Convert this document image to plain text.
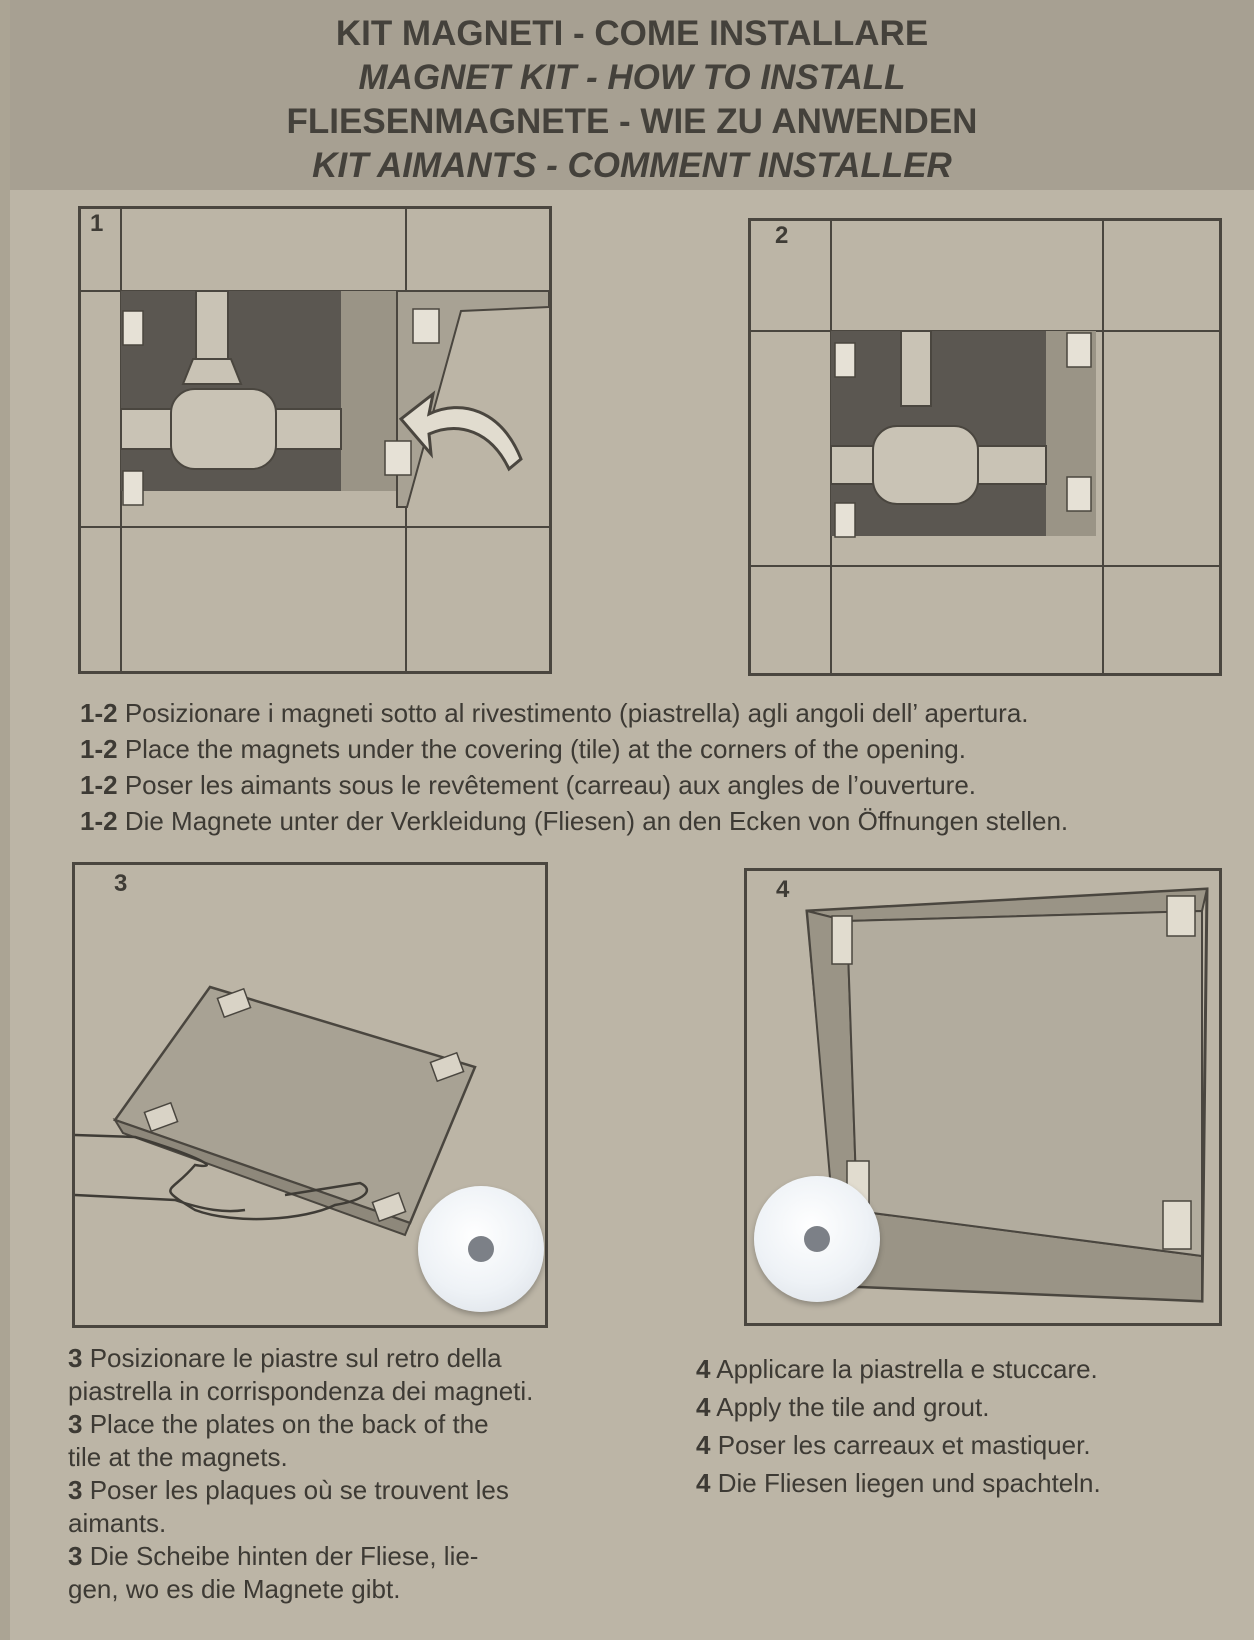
KIT MAGNETI - COME INSTALLARE
MAGNET KIT - HOW TO INSTALL
FLIESENMAGNETE - WIE ZU ANWENDEN
KIT AIMANTS - COMMENT INSTALLER
1	2
1-2 Posizionare i magneti sotto al rivestimento (piastrella) agli angoli dell’ apertura.
1-2 Place the magnets under the covering (tile) at the corners of the opening.
1-2 Poser les aimants sous le revêtement (carreau) aux angles de l’ouverture.
1-2 Die Magnete unter der Verkleidung (Fliesen) an den Ecken von Öffnungen stellen.
3	4
3 Posizionare le piastre sul retro della
piastrella in corrispondenza dei magneti.
3 Place the plates on the back of the
tile at the magnets.
3 Poser les plaques où se trouvent les
aimants.
3 Die Scheibe hinten der Fliese, lie-
gen, wo es die Magnete gibt.
4 Applicare la piastrella e stuccare.
4 Apply the tile and grout.
4 Poser les carreaux et mastiquer.
4 Die Fliesen liegen und spachteln.
